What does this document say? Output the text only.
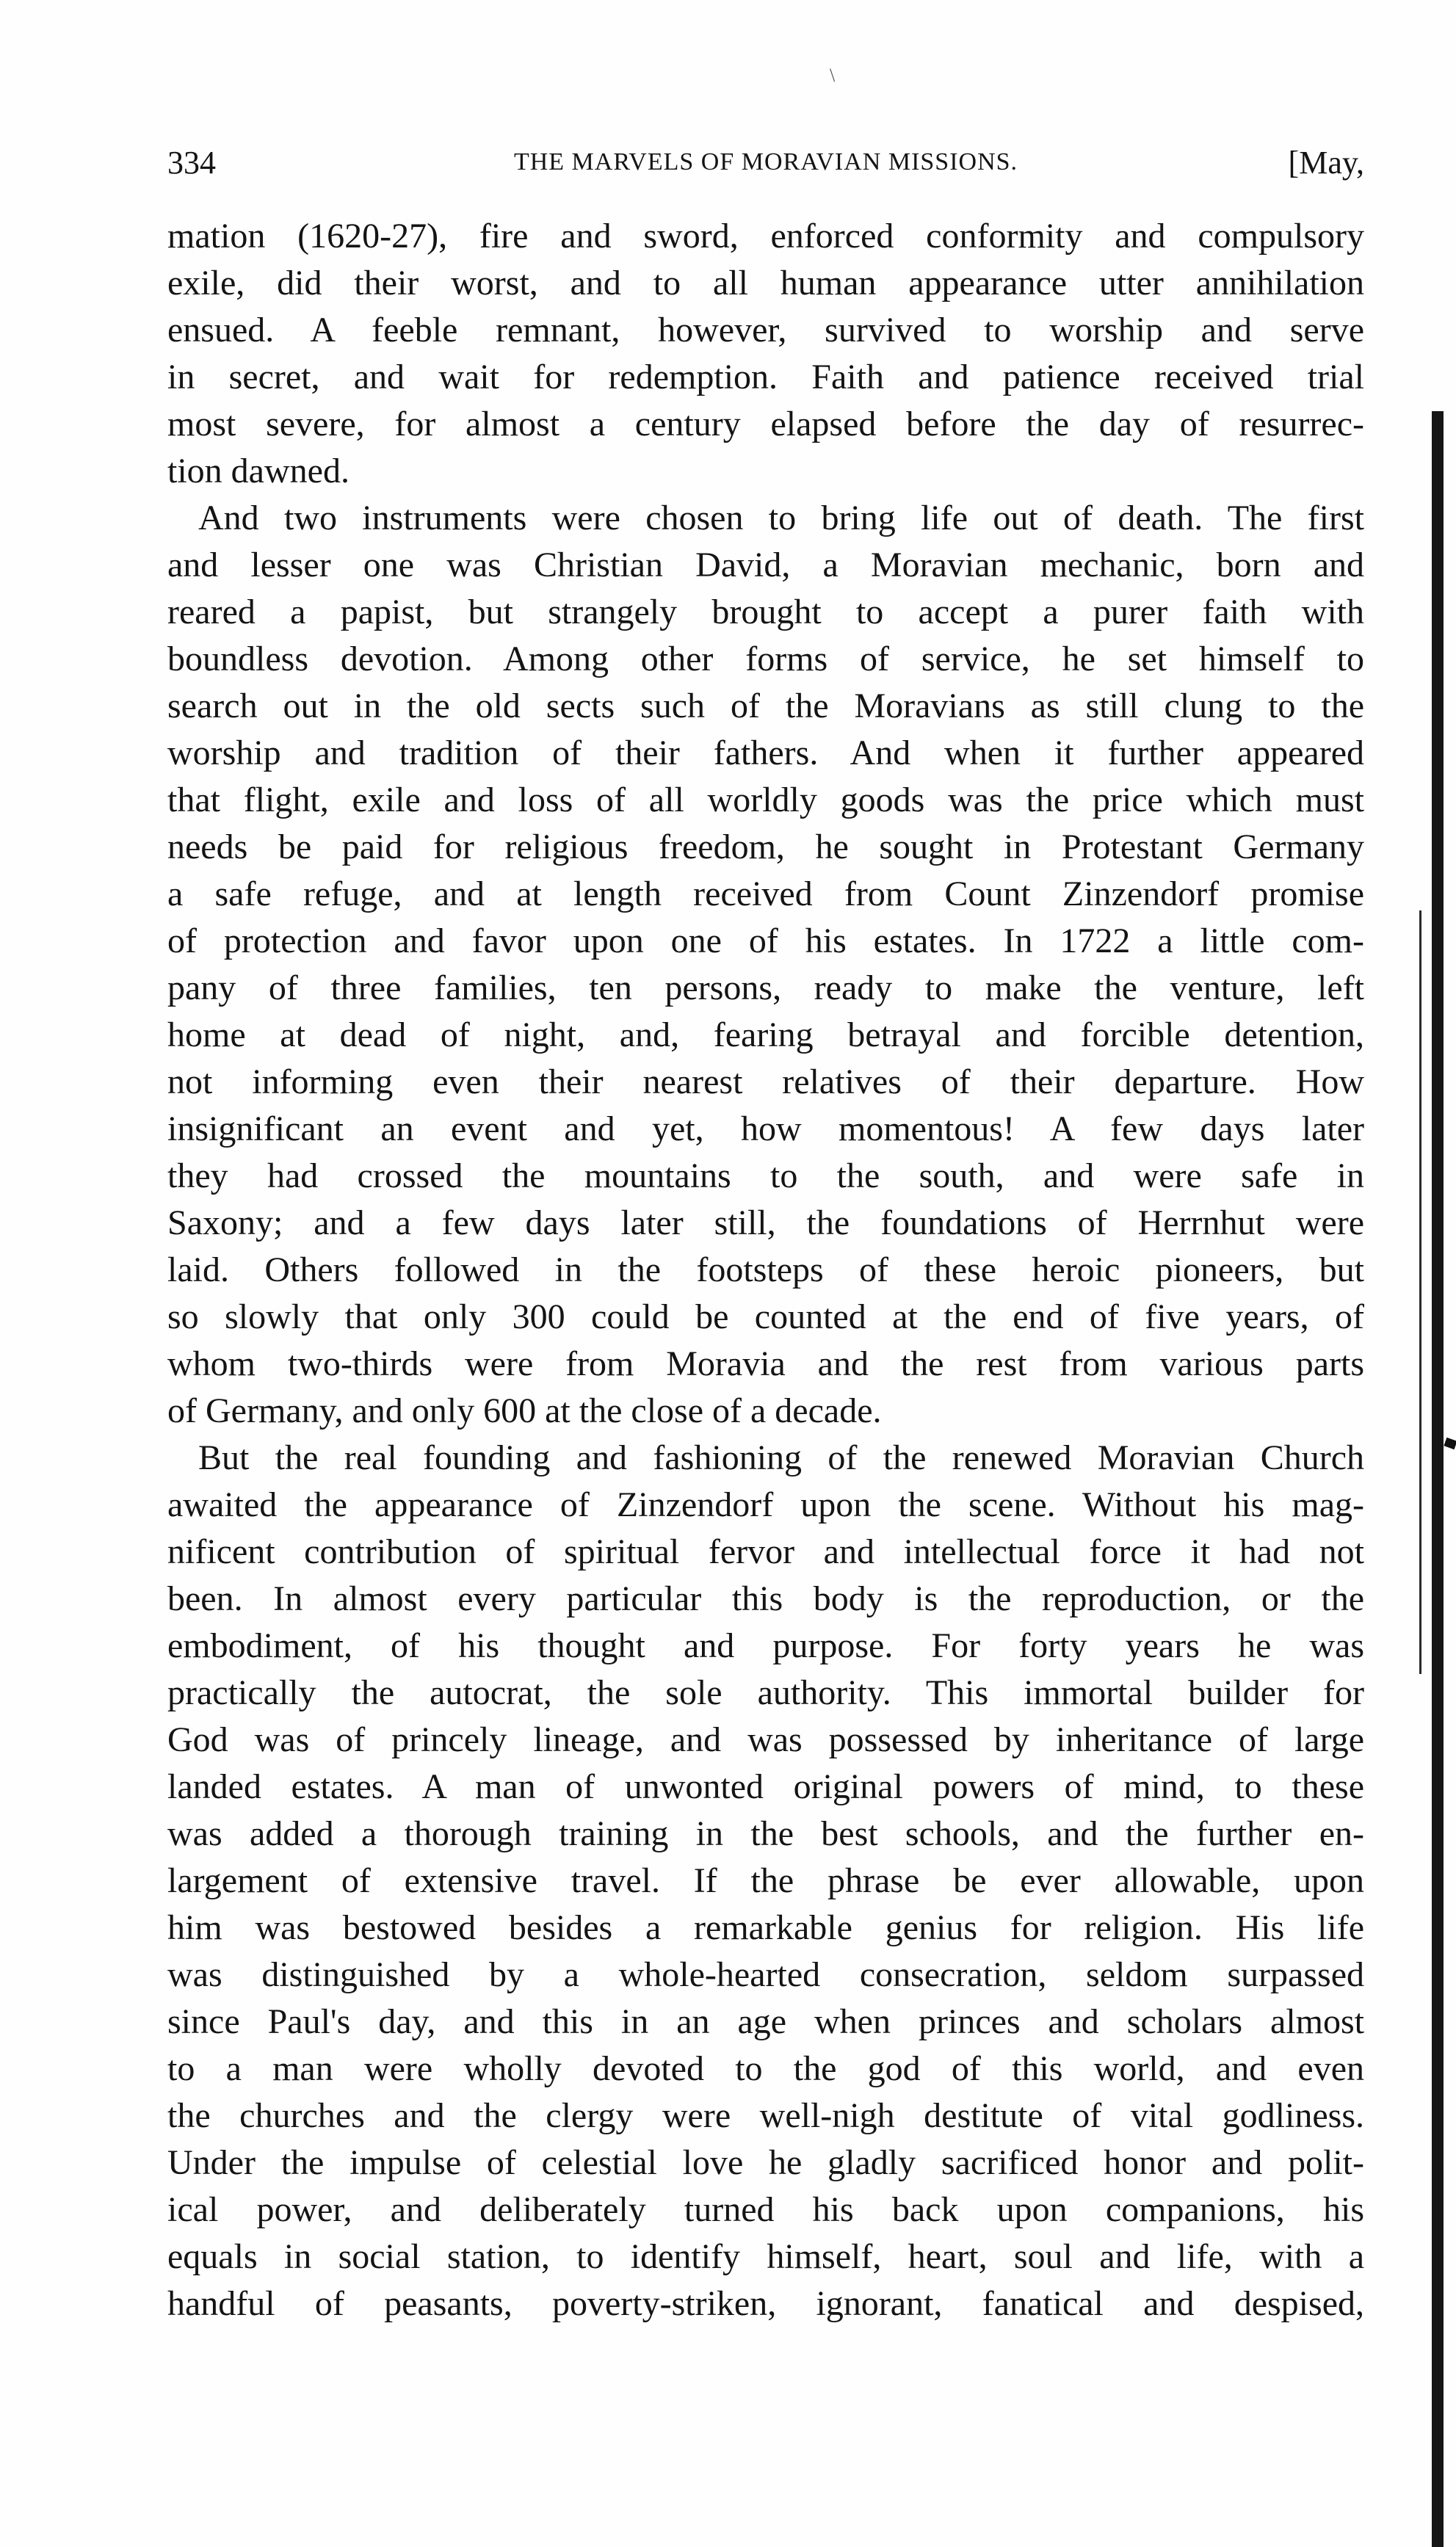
\
334	THE MARVELS OF MORAVIAN MISSIONS.	[May,
mation (1620-27), fire and sword, enforced conformity and compulsory
exile, did their worst, and to all human appearance utter annihilation
ensued. A feeble remnant, however, survived to worship and serve
in secret, and wait for redemption. Faith and patience received trial
most severe, for almost a century elapsed before the day of resurrec-
tion dawned.
And two instruments were chosen to bring life out of death. The first
and lesser one was Christian David, a Moravian mechanic, born and
reared a papist, but strangely brought to accept a purer faith with
boundless devotion. Among other forms of service, he set himself to
search out in the old sects such of the Moravians as still clung to the
worship and tradition of their fathers. And when it further appeared
that flight, exile and loss of all worldly goods was the price which must
needs be paid for religious freedom, he sought in Protestant Germany
a safe refuge, and at length received from Count Zinzendorf promise
of protection and favor upon one of his estates. In 1722 a little com-
pany of three families, ten persons, ready to make the venture, left
home at dead of night, and, fearing betrayal and forcible detention,
not informing even their nearest relatives of their departure. How
insignificant an event and yet, how momentous! A few days later
they had crossed the mountains to the south, and were safe in
Saxony; and a few days later still, the foundations of Herrnhut were
laid. Others followed in the footsteps of these heroic pioneers, but
so slowly that only 300 could be counted at the end of five years, of
whom two-thirds were from Moravia and the rest from various parts
of Germany, and only 600 at the close of a decade.
But the real founding and fashioning of the renewed Moravian Church
awaited the appearance of Zinzendorf upon the scene. Without his mag-
nificent contribution of spiritual fervor and intellectual force it had not
been. In almost every particular this body is the reproduction, or the
embodiment, of his thought and purpose. For forty years he was
practically the autocrat, the sole authority. This immortal builder for
God was of princely lineage, and was possessed by inheritance of large
landed estates. A man of unwonted original powers of mind, to these
was added a thorough training in the best schools, and the further en-
largement of extensive travel. If the phrase be ever allowable, upon
him was bestowed besides a remarkable genius for religion. His life
was distinguished by a whole-hearted consecration, seldom surpassed
since Paul's day, and this in an age when princes and scholars almost
to a man were wholly devoted to the god of this world, and even
the churches and the clergy were well-nigh destitute of vital godliness.
Under the impulse of celestial love he gladly sacrificed honor and polit-
ical power, and deliberately turned his back upon companions, his
equals in social station, to identify himself, heart, soul and life, with a
handful of peasants, poverty-striken, ignorant, fanatical and despised,
